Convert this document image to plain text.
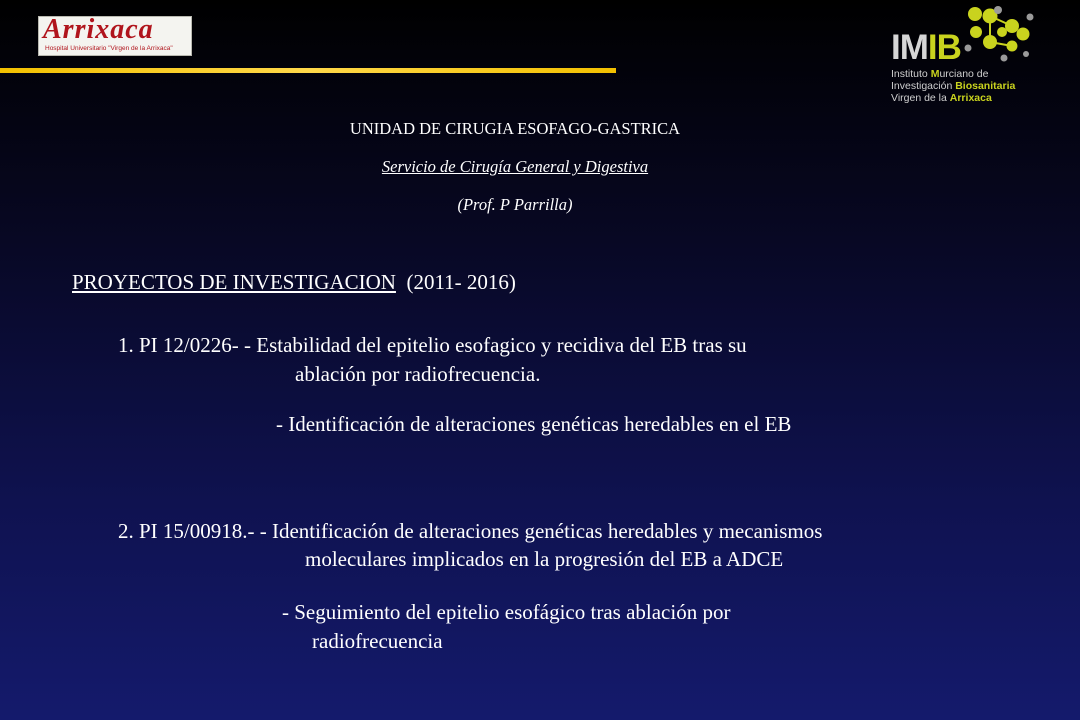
Arrixaca
Hospital Universitario "Virgen de la Arrixaca"	IMIB
Instituto Murciano de
Investigación Biosanitaria
Virgen de la Arrixaca
UNIDAD DE CIRUGIA ESOFAGO-GASTRICA
Servicio de Cirugía General y Digestiva
(Prof. P Parrilla)
PROYECTOS DE INVESTIGACION (2011- 2016)
1. PI 12/0226- - Estabilidad del epitelio esofagico y recidiva del EB tras su
ablación por radiofrecuencia.
- Identificación de alteraciones genéticas heredables en el EB
2. PI 15/00918.- - Identificación de alteraciones genéticas heredables y mecanismos
moleculares implicados en la progresión del EB a ADCE
- Seguimiento del epitelio esofágico tras ablación por
radiofrecuencia
